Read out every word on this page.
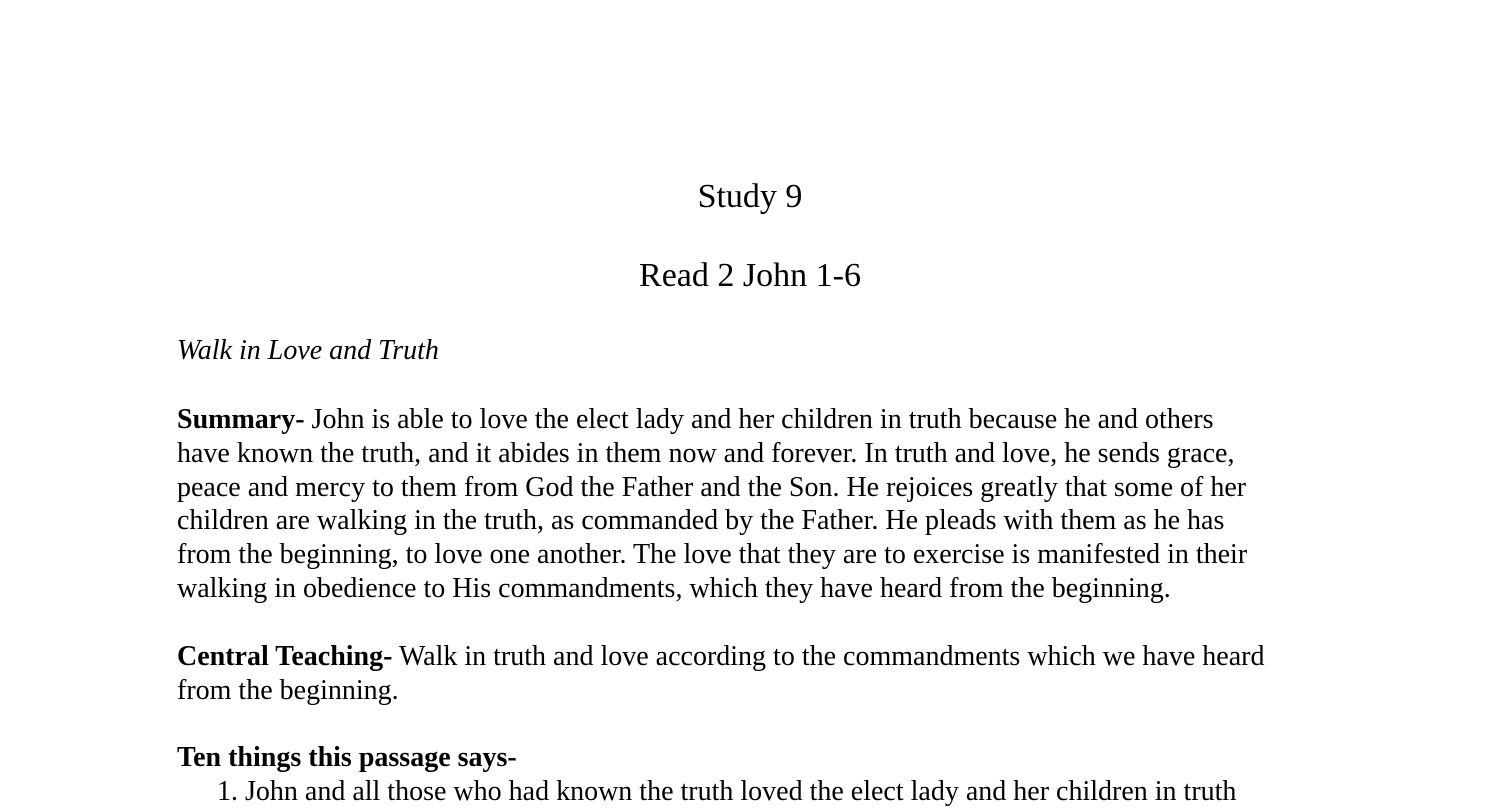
Study 9
Read 2 John 1-6
Walk in Love and Truth
Summary- John is able to love the elect lady and her children in truth because he and others
have known the truth, and it abides in them now and forever. In truth and love, he sends grace,
peace and mercy to them from God the Father and the Son. He rejoices greatly that some of her
children are walking in the truth, as commanded by the Father. He pleads with them as he has
from the beginning, to love one another. The love that they are to exercise is manifested in their
walking in obedience to His commandments, which they have heard from the beginning.
Central Teaching- Walk in truth and love according to the commandments which we have heard
from the beginning.
Ten things this passage says-
1. John and all those who had known the truth loved the elect lady and her children in truth
